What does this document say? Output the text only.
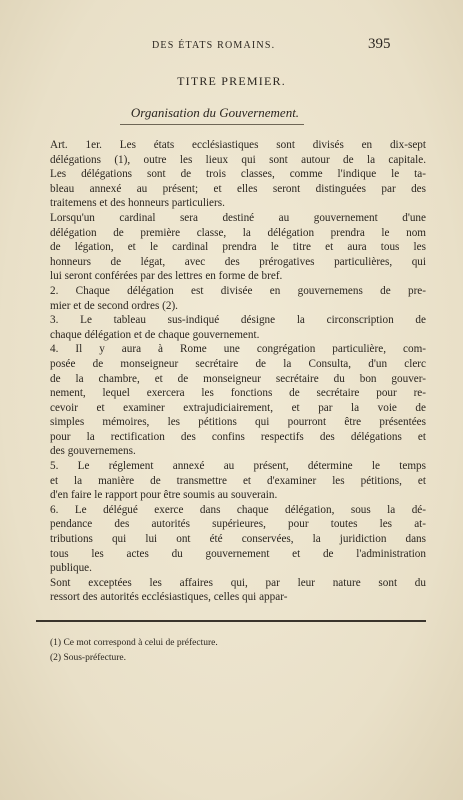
DES ÉTATS ROMAINS.	395
TITRE PREMIER.
Organisation du Gouvernement.

Art. 1er. Les états ecclésiastiques sont divisés en dix-sept
délégations (1), outre les lieux qui sont autour de la capitale.
Les délégations sont de trois classes, comme l'indique le ta-
bleau annexé au présent; et elles seront distinguées par des
traitemens et des honneurs particuliers.

Lorsqu'un cardinal sera destiné au gouvernement d'une
délégation de première classe, la délégation prendra le nom
de légation, et le cardinal prendra le titre et aura tous les
honneurs de légat, avec des prérogatives particulières, qui
lui seront conférées par des lettres en forme de bref.

2. Chaque délégation est divisée en gouvernemens de pre-
mier et de second ordres (2).

3. Le tableau sus-indiqué désigne la circonscription de
chaque délégation et de chaque gouvernement.

4. Il y aura à Rome une congrégation particulière, com-
posée de monseigneur secrétaire de la Consulta, d'un clerc
de la chambre, et de monseigneur secrétaire du bon gouver-
nement, lequel exercera les fonctions de secrétaire pour re-
cevoir et examiner extrajudiciairement, et par la voie de
simples mémoires, les pétitions qui pourront être présentées
pour la rectification des confins respectifs des délégations et
des gouvernemens.

5. Le réglement annexé au présent, détermine le temps
et la manière de transmettre et d'examiner les pétitions, et
d'en faire le rapport pour être soumis au souverain.

6. Le délégué exerce dans chaque délégation, sous la dé-
pendance des autorités supérieures, pour toutes les at-
tributions qui lui ont été conservées, la juridiction dans
tous les actes du gouvernement et de l'administration
publique.

Sont exceptées les affaires qui, par leur nature sont du
ressort des autorités ecclésiastiques, celles qui appar-

(1) Ce mot correspond à celui de préfecture.
(2) Sous-préfecture.
